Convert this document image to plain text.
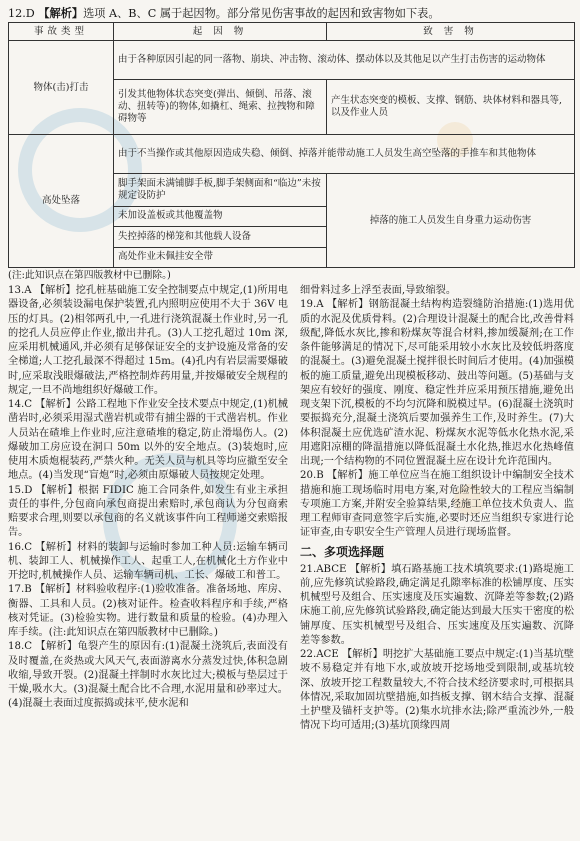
12.D 【解析】选项 A、B、C 属于起因物。部分常见伤害事故的起因和致害物如下表。
事故类型	起 因 物	致 害 物
物体(击)打击	由于各种原因引起的同一落物、崩块、冲击物、滚动体、摆动体以及其他足以产生打击伤害的运动物体	
	引发其他物体状态突变(弹出、倾倒、吊落、滚动、扭转等)的物体,如撬杠、绳索、拉拽物和障碍物等	产生状态突变的模板、支撑、钢筋、块体材料和器具等,以及作业人员
高处坠落	由于不当操作或其他原因造成失稳、倾倒、掉落并能带动施工人员发生高空坠落的手推车和其他物体	
	脚手架面未满铺脚手板,脚手架侧面和“临边”未按规定设防护	掉落的施工人员发生自身重力运动伤害
	未加设盖板或其他覆盖物	
	失控掉落的梯笼和其他载人设备	
	高处作业未佩挂安全带	
(注:此知识点在第四版教材中已删除。)

13.A 【解析】挖孔桩基础施工安全控制要点中规定,(1)所用电器设备,必须装设漏电保护装置,孔内照明应使用不大于 36V 电压的灯具。(2)相邻两孔中,一孔进行浇筑混凝土作业时,另一孔的挖孔人员应停止作业,撤出井孔。(3)人工挖孔超过 10m 深,应采用机械通风,并必须有足够保证安全的支护设施及常备的安全梯道;人工挖孔最深不得超过 15m。(4)孔内有岩层需要爆破时,应采取浅眼爆破法,严格控制炸药用量,并按爆破安全规程的规定,一旦不尚地组织好爆破工作。

14.C 【解析】公路工程地下作业安全技术要点中规定,(1)机械凿岩时,必须采用湿式凿岩机或带有捕尘器的干式凿岩机。作业人员站在碴堆上作业时,应注意碴堆的稳定,防止滑塌伤人。(2)爆破加工房应设在洞口 50m 以外的安全地点。(3)装炮时,应使用木质炮棍装药,严禁火种。无关人员与机具等均应撤至安全地点。(4)当发现“盲炮”时,必须由原爆破人员按规定处理。

15.D 【解析】根据 FIDIC 施工合同条件,如发生有业主承担责任的事件,分包商向承包商提出索赔时,承包商认为分包商索赔要求合理,则要以承包商的名义就该事件向工程师递交索赔报告。

16.C 【解析】材料的装卸与运输时参加工种人员:运输车辆司机、装卸工人、机械操作工人、起重工人,在机械化土方作业中开挖时,机械操作人员、运输车辆司机、工长、爆破工和普工。

17.B 【解析】材料验收程序:(1)验收准备。准备场地、库房、衡器、工具和人员。(2)核对证件。检查收料程序和手续,严格核对凭证。(3)检验实物。进行数量和质量的检验。(4)办理入库手续。(注:此知识点在第四版教材中已删除。)

18.C 【解析】龟裂产生的原因有:(1)混凝土浇筑后,表面没有及时覆盖,在炎热或大风天气,表面游离水分蒸发过快,体积急剧收缩,导致开裂。(2)混凝土拌制时水灰比过大;模板与垫层过于干燥,吸水大。(3)混凝土配合比不合理,水泥用量和砂率过大。(4)混凝土表面过度振捣或抹平,使水泥和

细骨料过多上浮至表面,导致缩裂。

19.A 【解析】钢筋混凝土结构构造裂缝防治措施:(1)选用优质的水泥及优质骨料。(2)合理设计混凝土的配合比,改善骨料级配,降低水灰比,掺和粉煤灰等混合材料,掺加缓凝剂;在工作条件能够满足的情况下,尽可能采用较小水灰比及较低坍落度的混凝土。(3)避免混凝土搅拌很长时间后才使用。(4)加强模板的施工质量,避免出现模板移动、鼓出等问题。(5)基础与支架应有较好的强度、刚度、稳定性并应采用预压措施,避免出现支架下沉,模板的不均匀沉降和脱模过早。(6)混凝土浇筑时要振捣充分,混凝土浇筑后要加强养生工作,及时养生。(7)大体积混凝土应优选矿渣水泥、粉煤灰水泥等低水化热水泥,采用遮阳凉棚的降温措施以降低混凝土水化热,推迟水化热峰值出现;一个结构物的不同位置混凝土应在设计允许范围内。

20.B 【解析】施工单位应当在施工组织设计中编制安全技术措施和施工现场临时用电方案,对危险性较大的工程应当编制专项施工方案,并附安全验算结果,经施工单位技术负责人、监理工程师审查同意签字后实施,必要时还应当组织专家进行论证审查,由专职安全生产管理人员进行现场监督。

二、多项选择题

21.ABCE 【解析】填石路基施工技术填筑要求:(1)路堤施工前,应先修筑试验路段,确定满足孔隙率标准的松铺厚度、压实机械型号及组合、压实速度及压实遍数、沉降差等参数;(2)路床施工前,应先修筑试验路段,确定能达到最大压实干密度的松铺厚度、压实机械型号及组合、压实速度及压实遍数、沉降差等参数。

22.ACE 【解析】明挖扩大基础施工要点中规定:(1)当基坑壁坡不易稳定并有地下水,或放坡开挖场地受到限制,或基坑较深、放坡开挖工程数量较大,不符合技术经济要求时,可根据具体情况,采取加固坑壁措施,如挡板支撑、钢木结合支撑、混凝土护壁及锚杆支护等。(2)集水坑排水法;除严重流沙外,一般情况下均可适用;(3)基坑顶缘四周
